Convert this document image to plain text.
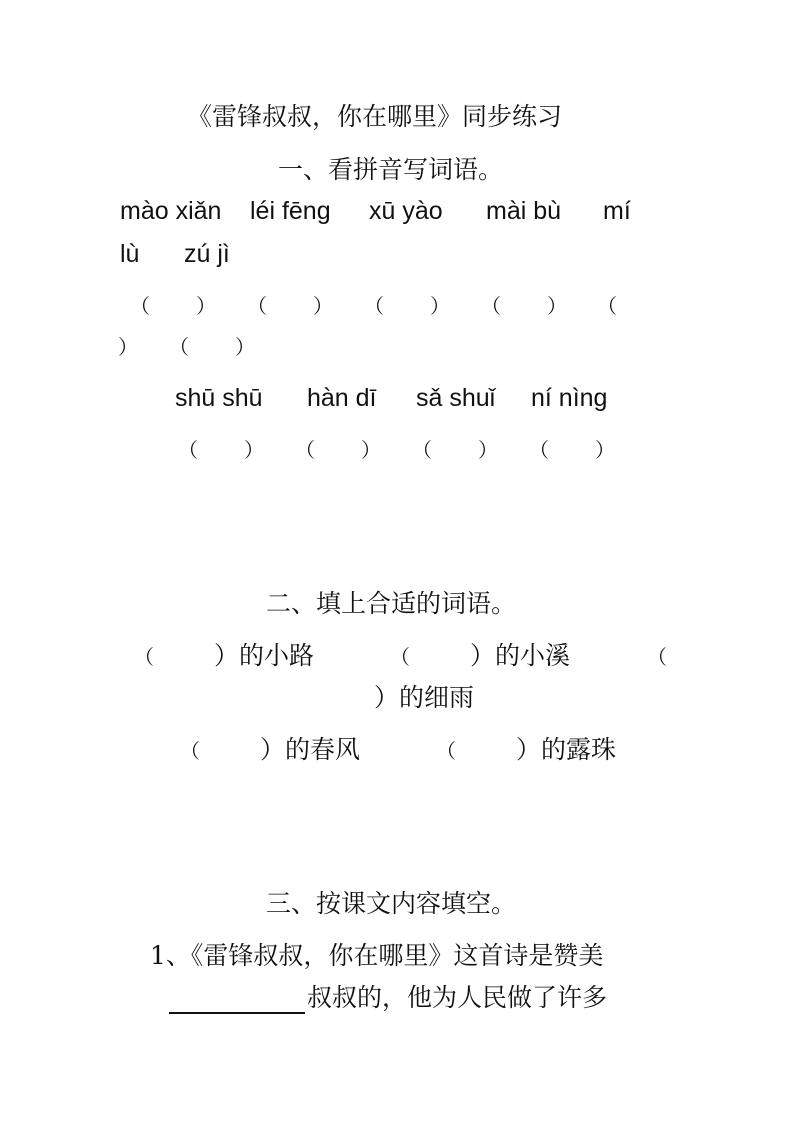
《雷锋叔叔，你在哪里》同步练习
一、看拼音写词语。
mào xiǎn léi fēnɡ xū yào mài bù mí
lù zú jì
（ ） （ ） （ ） （ ） （
） （ ）
shū shū hàn dī sǎ shuǐ ní nìnɡ
（ ） （ ） （ ） （ ）
二、填上合适的词语。
（ ）的小路	（ ）的小溪	（
）的细雨
（ ）的春风	（ ）的露珠
三、按课文内容填空。
1、《雷锋叔叔，你在哪里》这首诗是赞美
叔叔的，他为人民做了许多
